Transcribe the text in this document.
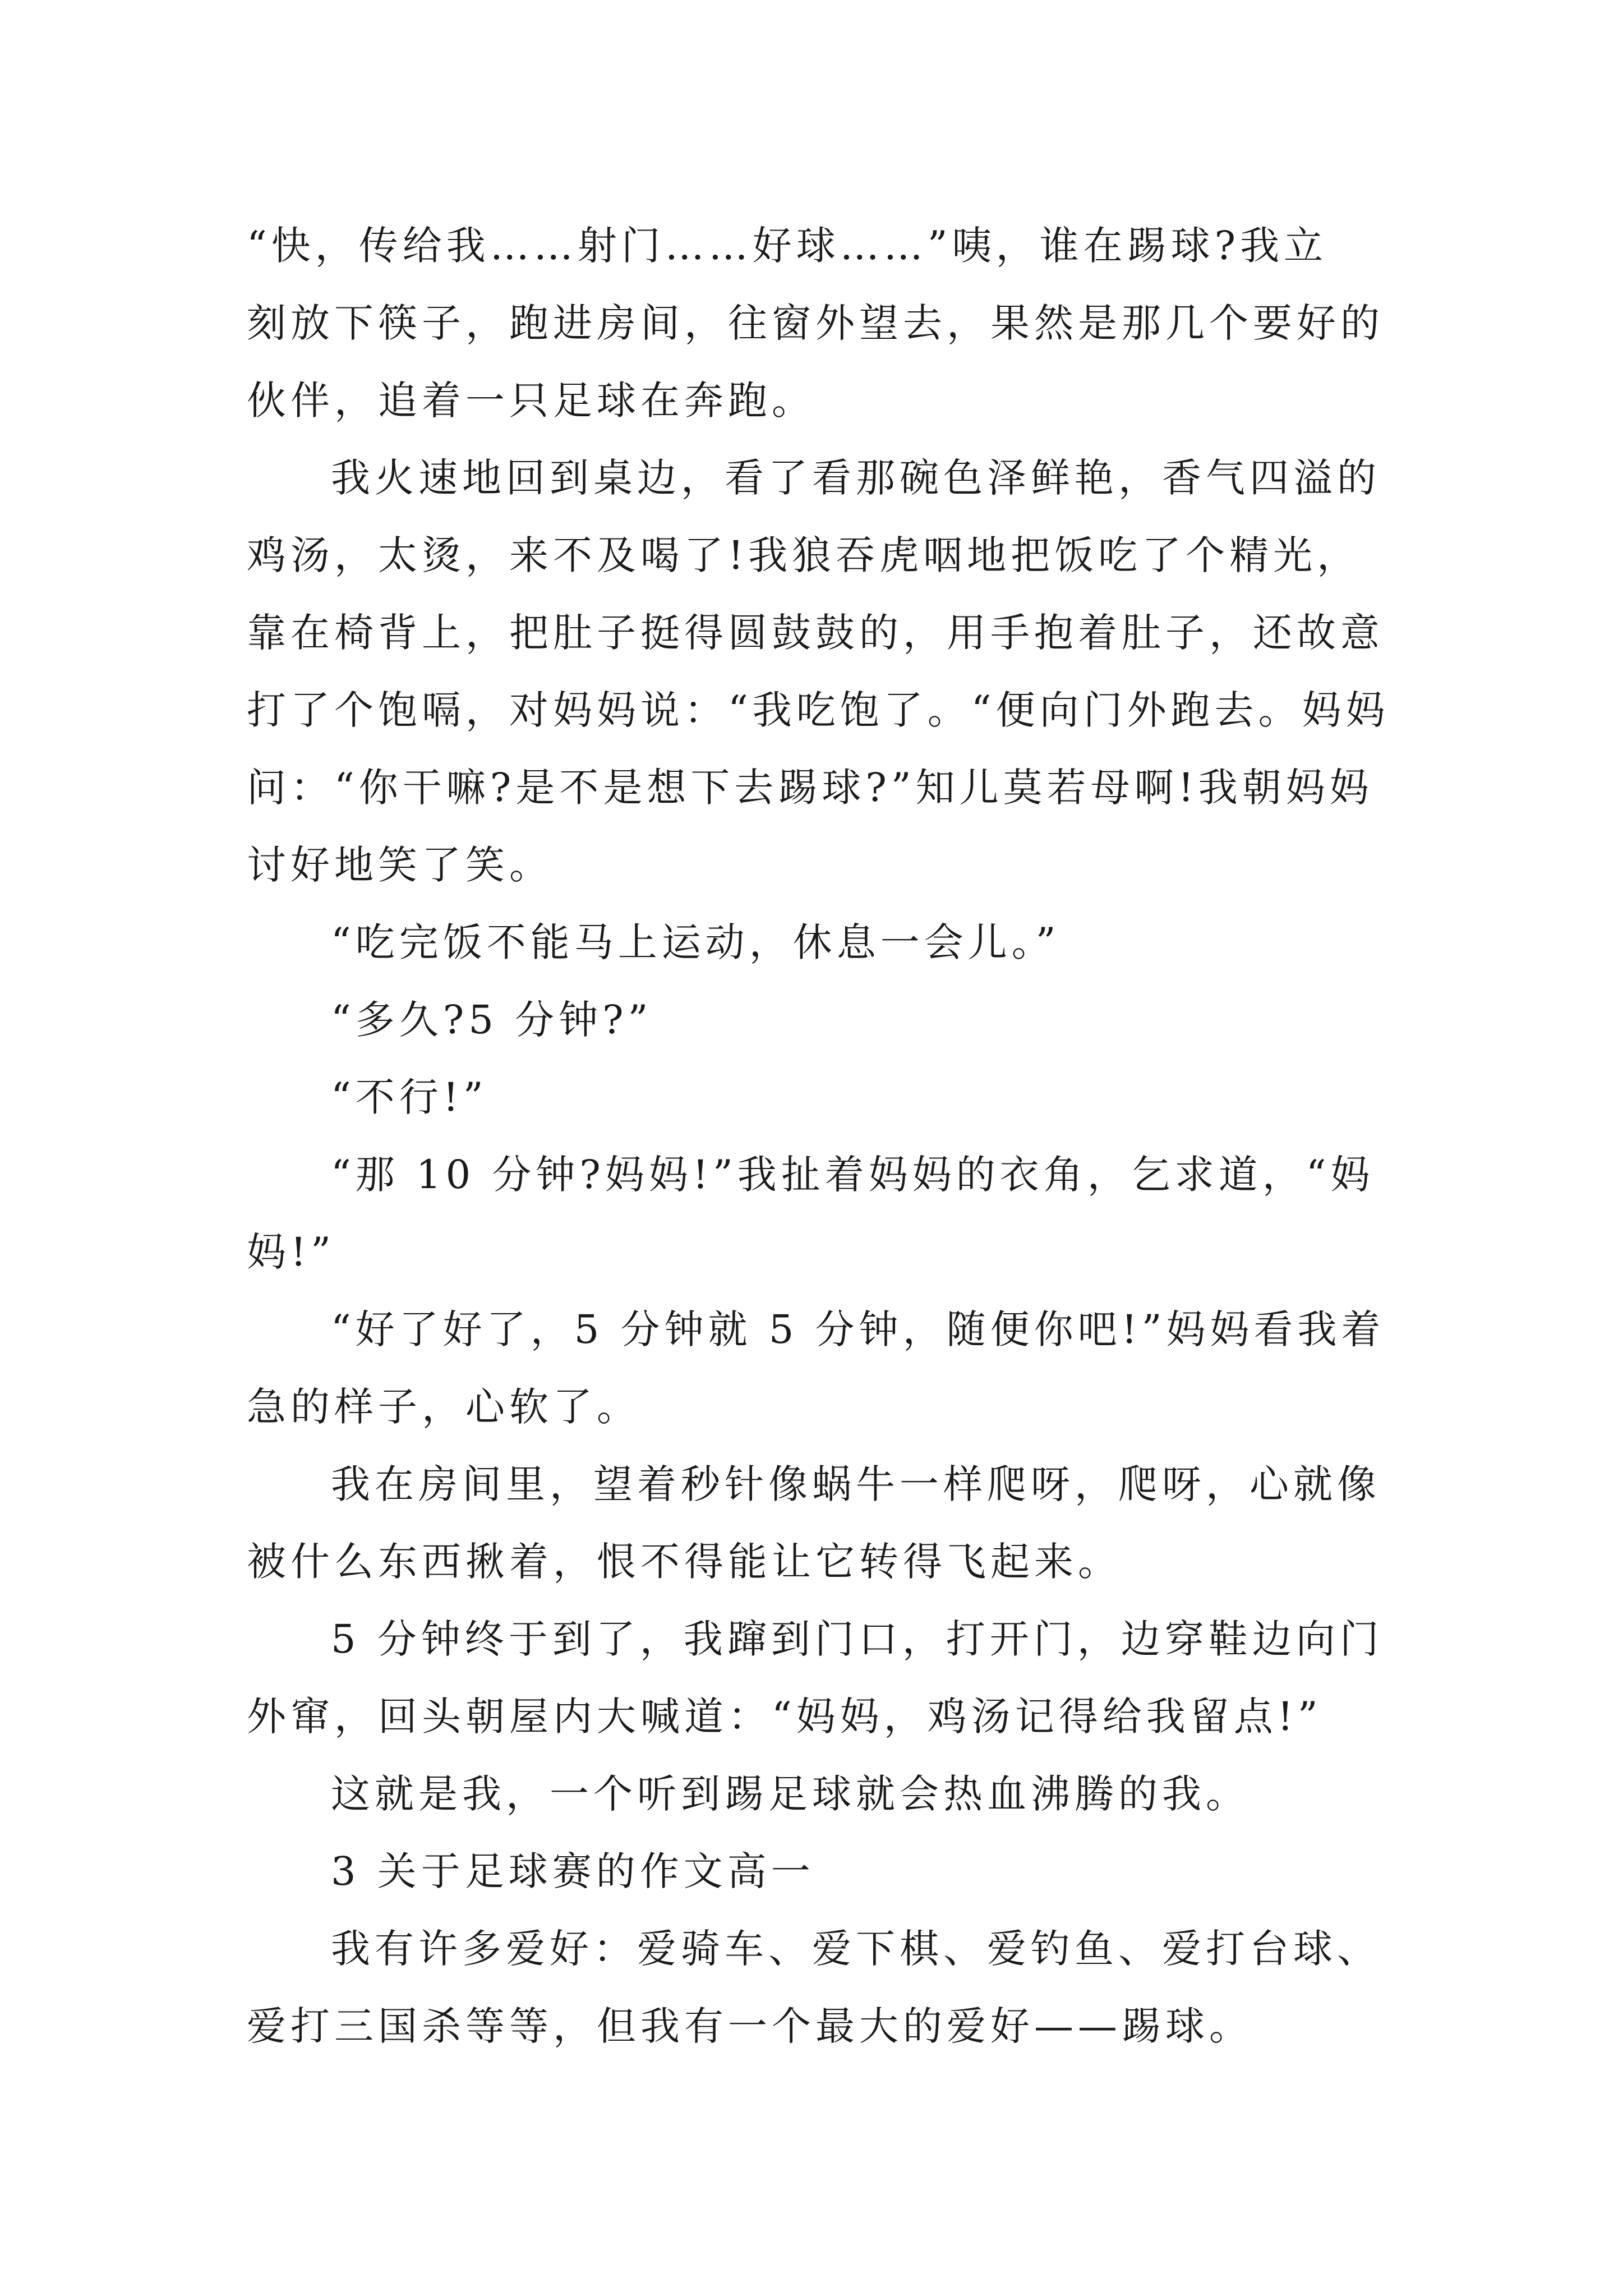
“快，传给我……射门……好球……”咦，谁在踢球?我立
刻放下筷子，跑进房间，往窗外望去，果然是那几个要好的
伙伴，追着一只足球在奔跑。
我火速地回到桌边，看了看那碗色泽鲜艳，香气四溢的
鸡汤，太烫，来不及喝了!我狼吞虎咽地把饭吃了个精光，
靠在椅背上，把肚子挺得圆鼓鼓的，用手抱着肚子，还故意
打了个饱嗝，对妈妈说：“我吃饱了。“便向门外跑去。妈妈
问：“你干嘛?是不是想下去踢球?”知儿莫若母啊!我朝妈妈
讨好地笑了笑。
“吃完饭不能马上运动，休息一会儿。”
“多久?5 分钟?”
“不行!”
“那 10 分钟?妈妈!”我扯着妈妈的衣角，乞求道，“妈
妈!”
“好了好了，5 分钟就 5 分钟，随便你吧!”妈妈看我着
急的样子，心软了。
我在房间里，望着秒针像蜗牛一样爬呀，爬呀，心就像
被什么东西揪着，恨不得能让它转得飞起来。
5 分钟终于到了，我蹿到门口，打开门，边穿鞋边向门
外窜，回头朝屋内大喊道：“妈妈，鸡汤记得给我留点!”
这就是我，一个听到踢足球就会热血沸腾的我。
3 关于足球赛的作文高一
我有许多爱好：爱骑车、爱下棋、爱钓鱼、爱打台球、
爱打三国杀等等，但我有一个最大的爱好——踢球。
